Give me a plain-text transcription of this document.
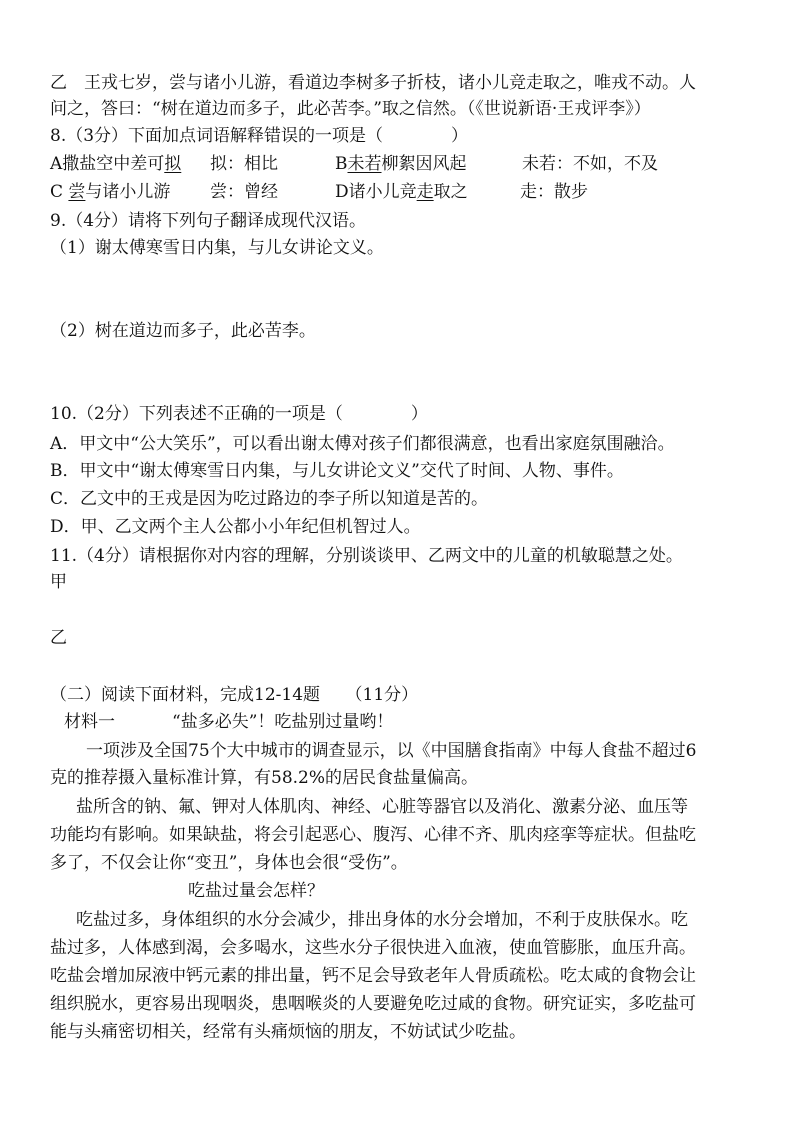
乙　王戎七岁，尝与诸小儿游，看道边李树多子折枝，诸小儿竞走取之，唯戎不动。人
问之，答曰：“树在道边而多子，此必苦李。”取之信然。（《世说新语·王戎评李》）
8.（3分）下面加点词语解释错误的一项是（　　　　）
A撒盐空中差可拟 拟：相比	B未若柳絮因风起	未若：不如，不及
C 尝与诸小儿游 尝：曾经	D诸小儿竞走取之	走：散步
9.（4分）请将下列句子翻译成现代汉语。
（1）谢太傅寒雪日内集，与儿女讲论文义。
（2）树在道边而多子，此必苦李。
10.（2分）下列表述不正确的一项是（　　　　）
A．甲文中“公大笑乐”，可以看出谢太傅对孩子们都很满意，也看出家庭氛围融洽。
B．甲文中“谢太傅寒雪日内集，与儿女讲论文义”交代了时间、人物、事件。
C．乙文中的王戎是因为吃过路边的李子所以知道是苦的。
D．甲、乙文两个主人公都小小年纪但机智过人。
11.（4分）请根据你对内容的理解，分别谈谈甲、乙两文中的儿童的机敏聪慧之处。
甲
乙
（二）阅读下面材料，完成12-14题　　（11分）
材料一	“盐多必失”！吃盐别过量哟！
一项涉及全国75个大中城市的调查显示，以《中国膳食指南》中每人食盐不超过6
克的推荐摄入量标准计算，有58.2%的居民食盐量偏高。
盐所含的钠、氟、钾对人体肌肉、神经、心脏等器官以及消化、激素分泌、血压等
功能均有影响。如果缺盐，将会引起恶心、腹泻、心律不齐、肌肉痉挛等症状。但盐吃
多了，不仅会让你“变丑”，身体也会很“受伤”。
吃盐过量会怎样？
吃盐过多，身体组织的水分会减少，排出身体的水分会增加，不利于皮肤保水。吃
盐过多，人体感到渴，会多喝水，这些水分子很快进入血液，使血管膨胀，血压升高。
吃盐会增加尿液中钙元素的排出量，钙不足会导致老年人骨质疏松。吃太咸的食物会让
组织脱水，更容易出现咽炎，患咽喉炎的人要避免吃过咸的食物。研究证实，多吃盐可
能与头痛密切相关，经常有头痛烦恼的朋友，不妨试试少吃盐。
